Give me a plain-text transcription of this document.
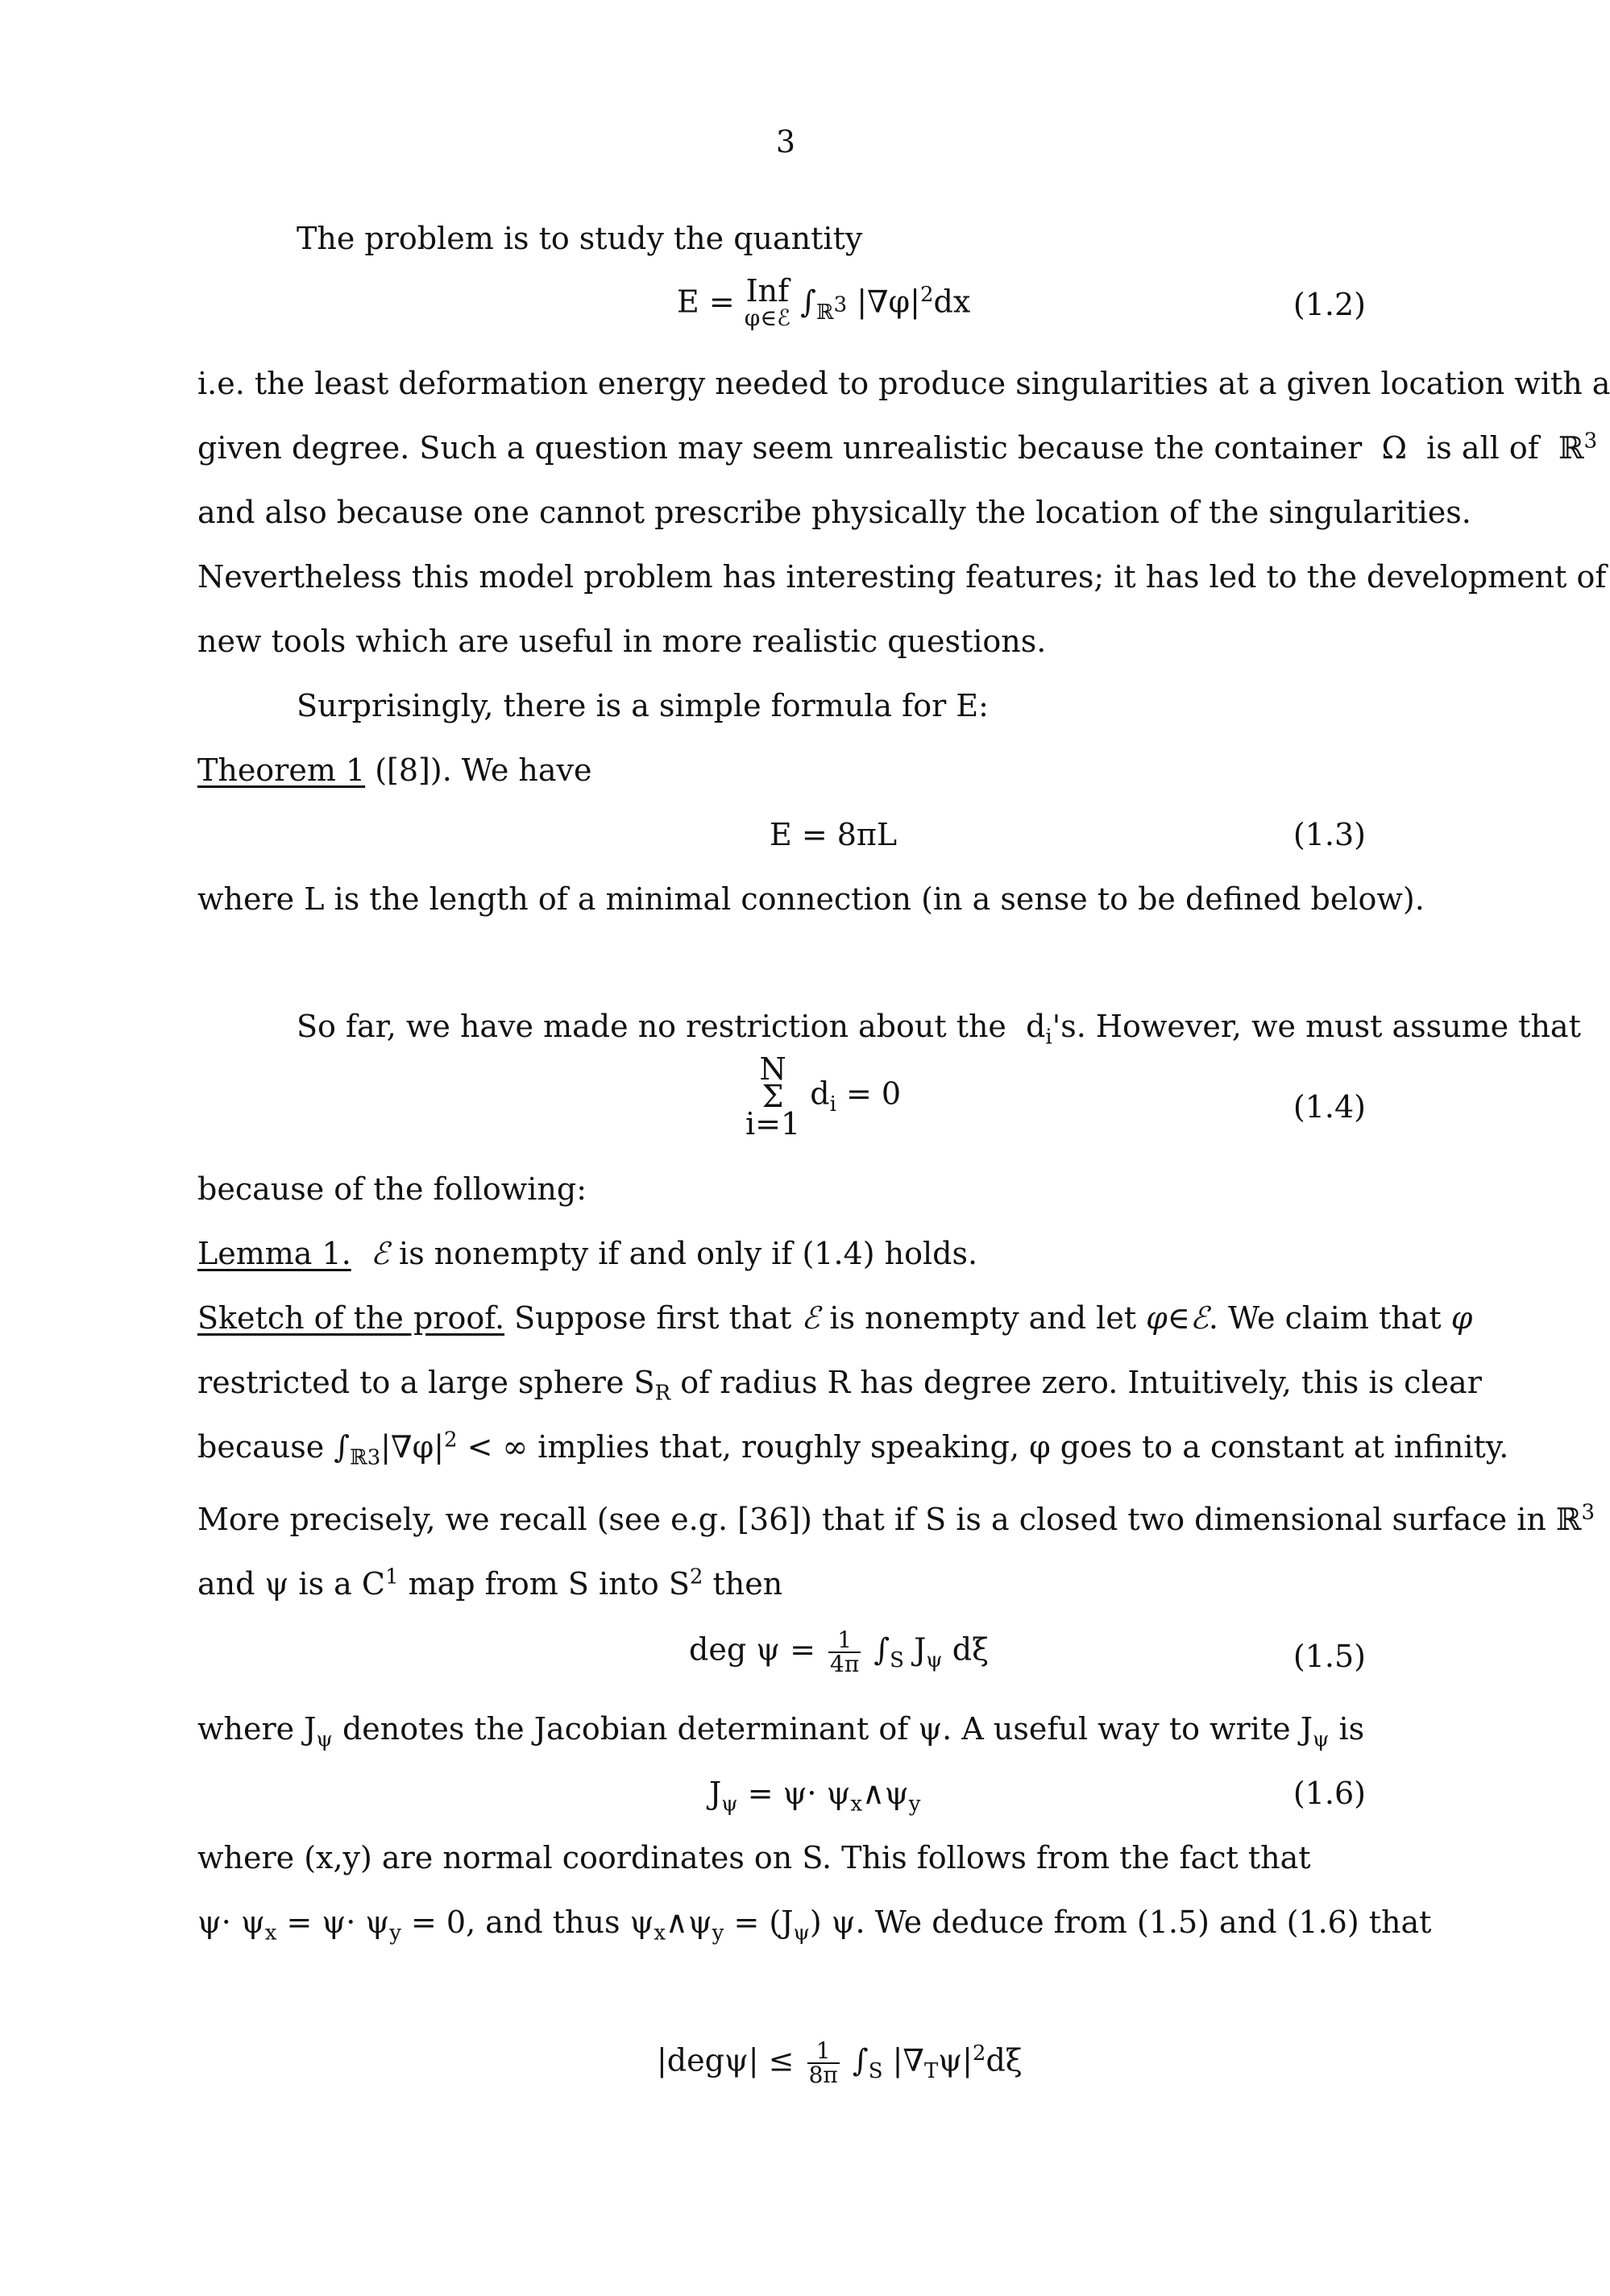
3
The problem is to study the quantity
E = Inf
φ∈ℰ $\int_{ℝ^3}$ $|\nabla\varphi|^2dx$	(1.2)
i.e. the least deformation energy needed to produce singularities at a given location with a
given degree. Such a question may seem unrealistic because the container Ω is all of ℝ$^3$
and also because one cannot prescribe physically the location of the singularities.
Nevertheless this model problem has interesting features; it has led to the development of
new tools which are useful in more realistic questions.
Surprisingly, there is a simple formula for E:
Theorem 1 ([8]). We have
E = 8πL	(1.3)
where L is the length of a minimal connection (in a sense to be defined below).
So far, we have made no restriction about the $d_i's$. However, we must assume that
N
Σ
i=1
$d_i = 0$	(1.4)
because of the following:
Lemma 1. ℰ is nonempty if and only if (1.4) holds.
Sketch of the proof. Suppose first that ℰ is nonempty and let φ∈ℰ. We claim that φ
restricted to a large sphere $S_R$ of radius R has degree zero. Intuitively, this is clear
because $\int_{ℝ3}|\nabla\varphi|^2$ < ∞ implies that, roughly speaking, φ goes to a constant at infinity.
More precisely, we recall (see e.g. [36]) that if S is a closed two dimensional surface in ℝ$^3$
and ψ is a $C^1$ map from S into $S^2$ then
deg $\psi = \frac{1}{4\pi} \int_S$ $J_\psi$ dξ	(1.5)
where $J_\psi$ denotes the Jacobian determinant of ψ. A useful way to write $J_\psi$ is
$J_\psi = \psi\cdot$ $\psi_x\wedge\psi_y$	(1.6)
where (x,y) are normal coordinates on S. This follows from the fact that
$\psi\cdot \psi_x = \psi\cdot \psi_y = 0$, and thus $\psi_x\wedge\psi_y = (J_\psi)$ ψ. We deduce from (1.5) and (1.6) that
$|deg\psi| \le \frac{1}{8\pi} \int_S$ $|\nabla_T\psi|^2d\xi$
